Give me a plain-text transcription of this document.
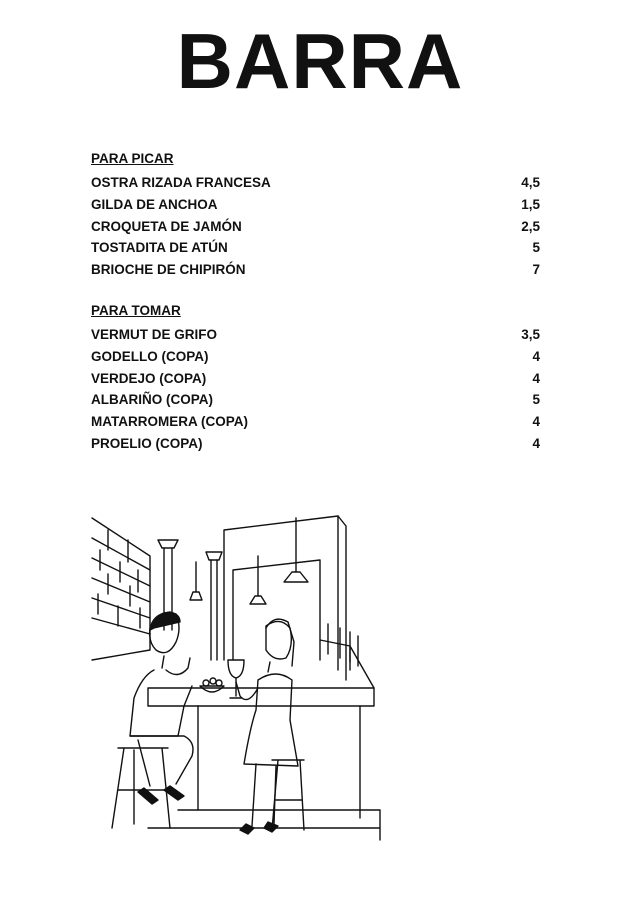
BARRA
PARA PICAR
OSTRA RIZADA FRANCESA	4,5
GILDA DE ANCHOA	1,5
CROQUETA DE JAMÓN	2,5
TOSTADITA DE ATÚN	5
BRIOCHE DE CHIPIRÓN	7
PARA TOMAR
VERMUT DE GRIFO	3,5
GODELLO (COPA)	4
VERDEJO (COPA)	4
ALBARIÑO (COPA)	5
MATARROMERA (COPA)	4
PROELIO (COPA)	4
